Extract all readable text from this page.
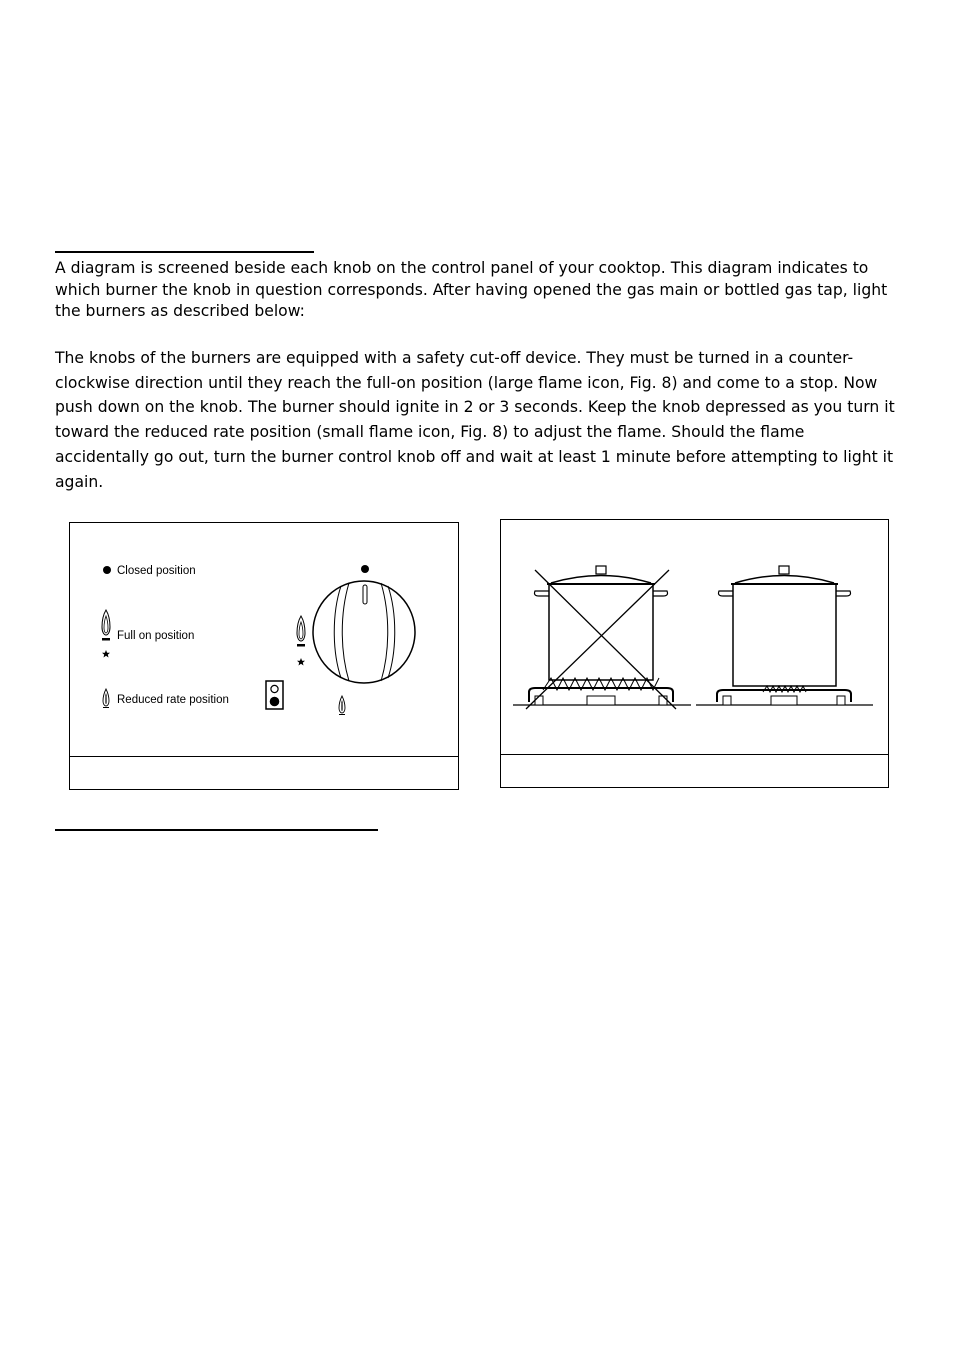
A diagram is screened beside each knob on the control panel of your cooktop. This diagram indicates to which burner the knob in question corresponds. After having opened the gas main or bottled gas tap, light the burners as described below:

The knobs of the burners are equipped with a safety cut-off device. They must be turned in a counter-clockwise direction until they reach the full-on position (large flame icon, Fig. 8) and come to a stop. Now push down on the knob. The burner should ignite in 2 or 3 seconds. Keep the knob depressed as you turn it toward the reduced rate position (small flame icon, Fig. 8) to adjust the flame. Should the flame accidentally go out, turn the burner control knob off and wait at least 1 minute before attempting to light it again.

Closed position
Full on position
Reduced rate position
